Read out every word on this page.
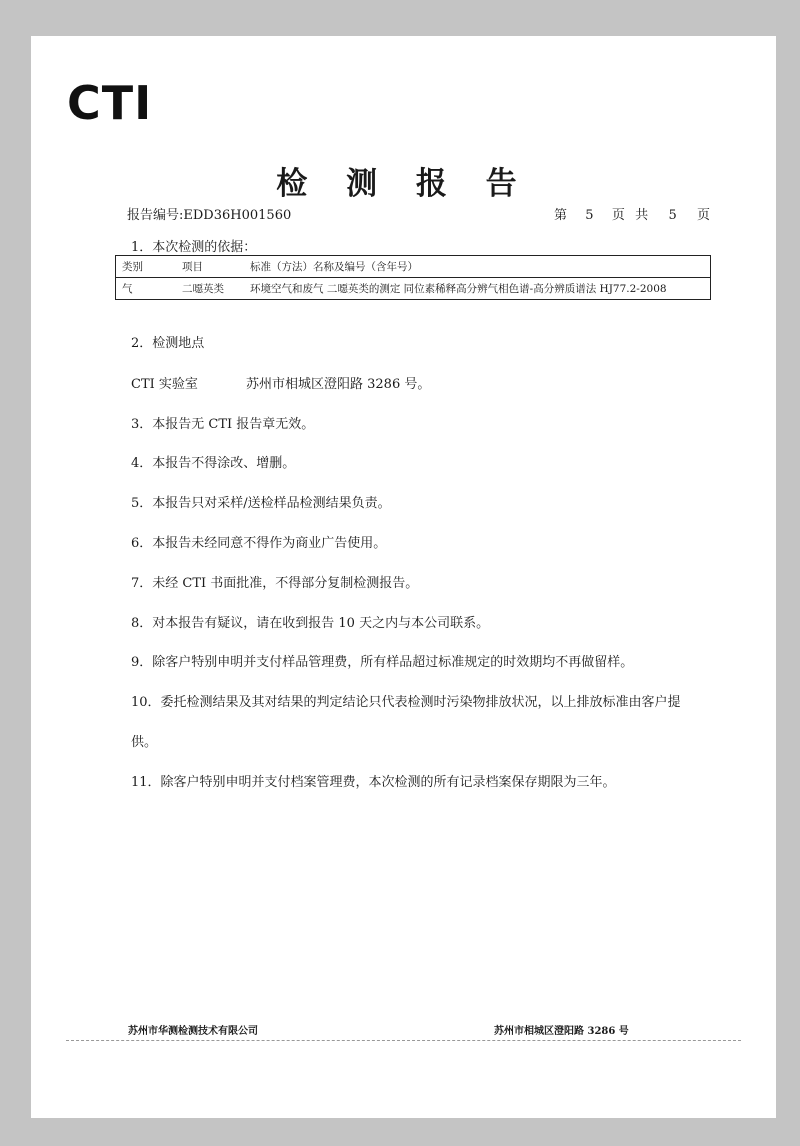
CTI
检 测 报 告
报告编号:EDD36H001560	第 5 页 共 5 页
1．本次检测的依据：
类别	项目	标准（方法）名称及编号（含年号）
气	二噁英类	环境空气和废气 二噁英类的测定 同位素稀释高分辨气相色谱-高分辨质谱法 HJ77.2-2008
2．检测地点
CTI 实验室	苏州市相城区澄阳路 3286 号。
3．本报告无 CTI 报告章无效。
4．本报告不得涂改、增删。
5．本报告只对采样/送检样品检测结果负责。
6．本报告未经同意不得作为商业广告使用。
7．未经 CTI 书面批准，不得部分复制检测报告。
8．对本报告有疑议，请在收到报告 10 天之内与本公司联系。
9．除客户特别申明并支付样品管理费，所有样品超过标准规定的时效期均不再做留样。
10．委托检测结果及其对结果的判定结论只代表检测时污染物排放状况，以上排放标准由客户提
供。
11．除客户特别申明并支付档案管理费，本次检测的所有记录档案保存期限为三年。
苏州市华测检测技术有限公司	苏州市相城区澄阳路 3286 号
